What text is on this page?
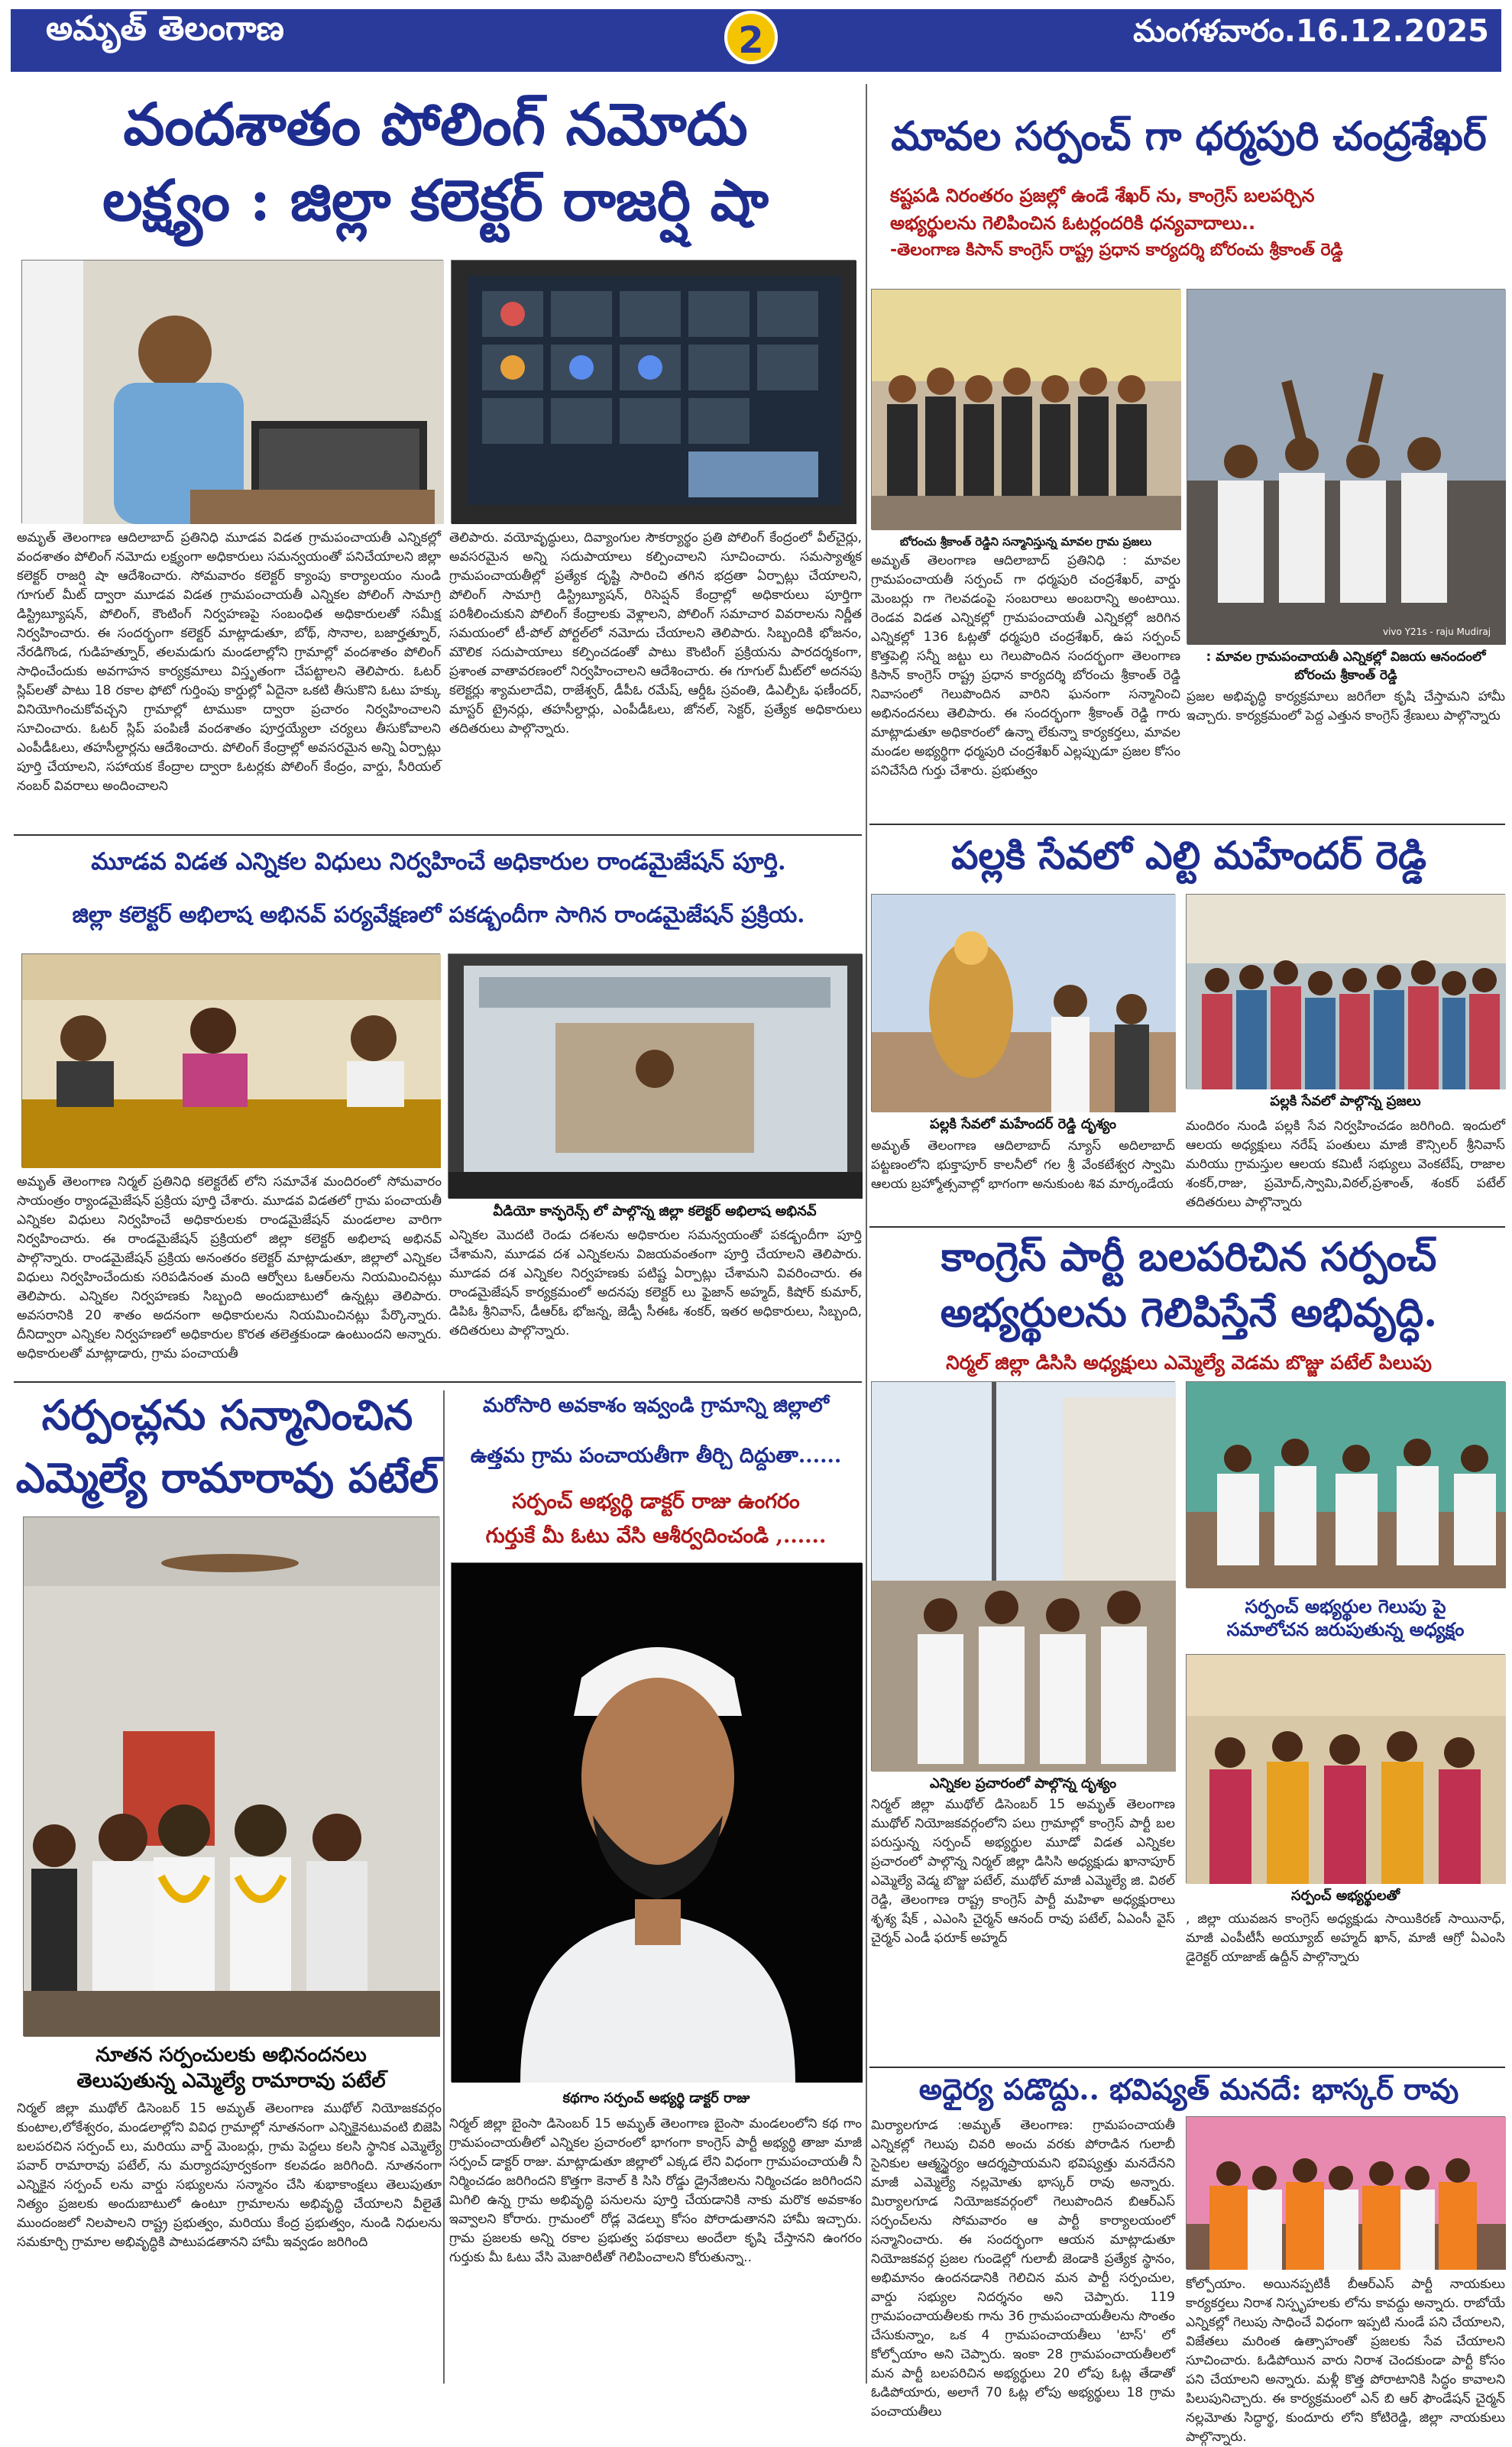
అమృత్ తెలంగాణ	2	మంగళవారం.16.12.2025
వందశాతం పోలింగ్ నమోదు
లక్ష్యం : జిల్లా కలెక్టర్ రాజర్షి షా
అమృత్ తెలంగాణ ఆదిలాబాద్ ప్రతినిధి మూడవ విడత గ్రామపంచాయతీ ఎన్నికల్లో వందశాతం పోలింగ్ నమోదు లక్ష్యంగా అధికారులు సమన్వయంతో పనిచేయాలని జిల్లా కలెక్టర్ రాజర్షి షా ఆదేశించారు. సోమవారం కలెక్టర్ క్యాంపు కార్యాలయం నుండి గూగుల్ మీట్ ద్వారా మూడవ విడత గ్రామపంచాయతీ ఎన్నికల పోలింగ్ సామాగ్రి డిస్ట్రిబ్యూషన్, పోలింగ్, కౌంటింగ్ నిర్వహణపై సంబంధిత అధికారులతో సమీక్ష నిర్వహించారు. ఈ సందర్భంగా కలెక్టర్ మాట్లాడుతూ, బోథ్, సొనాల, బజార్హత్నూర్, నేరడిగొండ, గుడిహత్నూర్, తలమడుగు మండలాల్లోని గ్రామాల్లో వందశాతం పోలింగ్ సాధించేందుకు అవగాహన కార్యక్రమాలు విస్తృతంగా చేపట్టాలని తెలిపారు. ఓటర్ స్లిప్‌లతో పాటు 18 రకాల ఫోటో గుర్తింపు కార్డుల్లో ఏదైనా ఒకటి తీసుకొని ఓటు హక్కు వినియోగించుకోవచ్చని గ్రామాల్లో టాముకా ద్వారా ప్రచారం నిర్వహించాలని సూచించారు. ఓటర్ స్లిప్ పంపిణీ వందశాతం పూర్తయ్యేలా చర్యలు తీసుకోవాలని ఎంపీడీఓలు, తహసీల్దార్లను ఆదేశించారు. పోలింగ్ కేంద్రాల్లో అవసరమైన అన్ని ఏర్పాట్లు పూర్తి చేయాలని, సహాయక కేంద్రాల ద్వారా ఓటర్లకు పోలింగ్ కేంద్రం, వార్డు, సీరియల్ నంబర్ వివరాలు అందించాలని
తెలిపారు. వయోవృద్ధులు, దివ్యాంగుల సౌకర్యార్థం ప్రతి పోలింగ్ కేంద్రంలో వీల్‌చైర్లు, అవసరమైన అన్ని సదుపాయాలు కల్పించాలని సూచించారు. సమస్యాత్మక గ్రామపంచాయతీల్లో ప్రత్యేక దృష్టి సారించి తగిన భద్రతా ఏర్పాట్లు చేయాలని, పోలింగ్ సామాగ్రి డిస్ట్రిబ్యూషన్, రిసెప్షన్ కేంద్రాల్లో అధికారులు పూర్తిగా పరిశీలించుకుని పోలింగ్ కేంద్రాలకు వెళ్లాలని, పోలింగ్ సమాచార వివరాలను నిర్ణీత సమయంలో టీ-పోల్ పోర్టల్‌లో నమోదు చేయాలని తెలిపారు. సిబ్బందికి భోజనం, మౌలిక సదుపాయాలు కల్పించడంతో పాటు కౌంటింగ్ ప్రక్రియను పారదర్శకంగా, ప్రశాంత వాతావరణంలో నిర్వహించాలని ఆదేశించారు. ఈ గూగుల్ మీట్‌లో అదనపు కలెక్టర్లు శ్యామలాదేవి, రాజేశ్వర్, డీపీఓ రమేష్, ఆర్డీఓ స్రవంతి, డిఎల్పీఓ ఫణీందర్, మాస్టర్ ట్రైనర్లు, తహసీల్దార్లు, ఎంపీడీఓలు, జోనల్, సెక్టర్, ప్రత్యేక అధికారులు తదితరులు పాల్గొన్నారు.
మూడవ విడత ఎన్నికల విధులు నిర్వహించే అధికారుల రాండమైజేషన్ పూర్తి.
జిల్లా కలెక్టర్ అభిలాష అభినవ్ పర్యవేక్షణలో పకడ్బందీగా సాగిన రాండమైజేషన్ ప్రక్రియ.
వీడియో కాన్ఫరెన్స్ లో పాల్గొన్న జిల్లా కలెక్టర్ అభిలాష అభినవ్
అమృత్ తెలంగాణ నిర్మల్ ప్రతినిధి కలెక్టరేట్ లోని సమావేశ మందిరంలో సోమవారం సాయంత్రం ర్యాండమైజేషన్ ప్రక్రియ పూర్తి చేశారు. మూడవ విడతలో గ్రామ పంచాయతీ ఎన్నికల విధులు నిర్వహించే అధికారులకు రాండమైజేషన్ మండలాల వారిగా నిర్వహించారు. ఈ రాండమైజేషన్ ప్రక్రియలో జిల్లా కలెక్టర్ అభిలాష అభినవ్ పాల్గొన్నారు. రాండమైజేషన్ ప్రక్రియ అనంతరం కలెక్టర్ మాట్లాడుతూ, జిల్లాలో ఎన్నికల విధులు నిర్వహించేందుకు సరిపడినంత మంది ఆర్వోలు ఓఆర్‌లను నియమించినట్లు తెలిపారు. ఎన్నికల నిర్వహణకు సిబ్బంది అందుబాటులో ఉన్నట్లు తెలిపారు. అవసరానికి 20 శాతం అదనంగా అధికారులను నియమించినట్లు పేర్కొన్నారు. దీనిద్వారా ఎన్నికల నిర్వహణలో అధికారుల కొరత తలెత్తకుండా ఉంటుందని అన్నారు. అధికారులతో మాట్లాడారు, గ్రామ పంచాయతీ
ఎన్నికల మొదటి రెండు దశలను అధికారుల సమన్వయంతో పకడ్బందీగా పూర్తి చేశామని, మూడవ దశ ఎన్నికలను విజయవంతంగా పూర్తి చేయాలని తెలిపారు. మూడవ దశ ఎన్నికల నిర్వహణకు పటిష్ట ఏర్పాట్లు చేశామని వివరించారు. ఈ రాండమైజేషన్ కార్యక్రమంలో అదనపు కలెక్టర్ లు ఫైజాన్ అహ్మద్, కిషోర్ కుమార్, డిపిఓ శ్రీనివాస్, డీఆర్ఓ భోజన్న, జెడ్పీ సీఈఓ శంకర్, ఇతర అధికారులు, సిబ్బంది, తదితరులు పాల్గొన్నారు.
సర్పంచ్లను సన్మానించిన
ఎమ్మెల్యే రామారావు పటేల్
నూతన సర్పంచులకు అభినందనలు
తెలుపుతున్న ఎమ్మెల్యే రామారావు పటేల్
నిర్మల్ జిల్లా ముథోల్ డిసెంబర్ 15 అమృత్ తెలంగాణ ముథోల్ నియోజకవర్గం కుంటాల,లోకేశ్వరం, మండలాల్లోని వివిధ గ్రామాల్లో నూతనంగా ఎన్నికైనటువంటి బిజెపి బలపరచిన సర్పంచ్ లు, మరియు వార్డ్ మెంబర్లు, గ్రామ పెద్దలు కలసి స్థానిక ఎమ్మెల్యే పవార్ రామారావు పటేల్, ను మర్యాదపూర్వకంగా కలవడం జరిగింది. నూతనంగా ఎన్నికైన సర్పంచ్ లను వార్డు సభ్యులను సన్మానం చేసి శుభాకాంక్షలు తెలుపుతూ నిత్యం ప్రజలకు అందుబాటులో ఉంటూ గ్రామాలను అభివృద్ధి చేయాలని వీలైతే ముందంజలో నిలపాలని రాష్ట్ర ప్రభుత్వం, మరియు కేంద్ర ప్రభుత్వం, నుండి నిధులను సమకూర్చి గ్రామాల అభివృద్ధికి పాటుపడతానని హామీ ఇవ్వడం జరిగింది
మరోసారి అవకాశం ఇవ్వండి గ్రామాన్ని జిల్లాలో
ఉత్తమ గ్రామ పంచాయతీగా తీర్చి దిద్దుతా......
సర్పంచ్ అభ్యర్థి డాక్టర్ రాజు ఉంగరం
గుర్తుకే మీ ఓటు వేసి ఆశీర్వదించండి ,......
కథగాం సర్పంచ్ అభ్యర్థి డాక్టర్ రాజు
నిర్మల్ జిల్లా బైంసా డిసెంబర్ 15 అమృత్ తెలంగాణ బైంసా మండలంలోని కథ గాం గ్రామపంచాయతీలో ఎన్నికల ప్రచారంలో భాగంగా కాంగ్రెస్ పార్టీ అభ్యర్థి తాజా మాజీ సర్పంచ్ డాక్టర్ రాజు. మాట్లాడుతూ జిల్లాలో ఎక్కడ లేని విధంగా గ్రామపంచాయతీ నీ నిర్మించడం జరిగిందని కొత్తగా కెనాల్ కి సిసి రోడ్డు డ్రైనేజిలను నిర్మించడం జరిగిందని మిగిలి ఉన్న గ్రామ అభివృద్ధి పనులను పూర్తి చేయడానికి నాకు మరొక అవకాశం ఇవ్వాలని కోరారు. గ్రామంలో రోడ్ల వెడల్పు కోసం పోరాడుతానని హామీ ఇచ్చారు. గ్రామ ప్రజలకు అన్ని రకాల ప్రభుత్వ పథకాలు అందేలా కృషి చేస్తానని ఉంగరం గుర్తుకు మీ ఓటు వేసి మెజారిటీతో గెలిపించాలని కోరుతున్నా..
మావల సర్పంచ్ గా ధర్మపురి చంద్రశేఖర్
కష్టపడి నిరంతరం ప్రజల్లో ఉండే శేఖర్ ను, కాంగ్రెస్ బలపర్చిన
అభ్యర్థులను గెలిపించిన ఓటర్లందరికి ధన్యవాదాలు..
-తెలంగాణ కిసాన్ కాంగ్రెస్ రాష్ట్ర ప్రధాన కార్యదర్శి బోరంచు శ్రీకాంత్ రెడ్డి
బోరంచు శ్రీకాంత్ రెడ్డిని సన్మానిస్తున్న మావల గ్రామ ప్రజలు
vivo Y21s - raju Mudiraj
: మావల గ్రామపంచాయతీ ఎన్నికల్లో విజయ ఆనందంలో బోరంచు శ్రీకాంత్ రెడ్డి
అమృత్ తెలంగాణ ఆదిలాబాద్ ప్రతినిధి : మావల గ్రామపంచాయతీ సర్పంచ్ గా ధర్మపురి చంద్రశేఖర్, వార్డు మెంబర్లు గా గెలవడంపై సంబరాలు అంబరాన్ని అంటాయి. రెండవ విడత ఎన్నికల్లో గ్రామపంచాయతీ ఎన్నికల్లో జరిగిన ఎన్నికల్లో 136 ఓట్లతో ధర్మపురి చంద్రశేఖర్, ఉప సర్పంచ్ కొత్తపెల్లి సన్నీ జట్టు లు గెలుపొందిన సందర్భంగా తెలంగాణ కిసాన్ కాంగ్రెస్ రాష్ట్ర ప్రధాన కార్యదర్శి బోరంచు శ్రీకాంత్ రెడ్డి నివాసంలో గెలుపొందిన వారిని ఘనంగా సన్మానించి అభినందనలు తెలిపారు. ఈ సందర్భంగా శ్రీకాంత్ రెడ్డి గారు మాట్లాడుతూ అధికారంలో ఉన్నా లేకున్నా కార్యకర్తలు, మావల మండల అభ్యర్థిగా ధర్మపురి చంద్రశేఖర్ ఎల్లప్పుడూ ప్రజల కోసం పనిచేసేది గుర్తు చేశారు. ప్రభుత్వం
ప్రజల అభివృద్ధి కార్యక్రమాలు జరిగేలా కృషి చేస్తామని హామీ ఇచ్చారు. కార్యక్రమంలో పెద్ద ఎత్తున కాంగ్రెస్ శ్రేణులు పాల్గొన్నారు
పల్లకి సేవలో ఎల్టి మహేందర్ రెడ్డి
పల్లకి సేవలో మహేందర్ రెడ్డి దృశ్యం
పల్లకి సేవలో పాల్గొన్న ప్రజలు
అమృత్ తెలంగాణ ఆదిలాబాద్ న్యూస్ అదిలాబాద్ పట్టణంలోని భుక్తాపూర్ కాలనీలో గల శ్రీ వేంకటేశ్వర స్వామి ఆలయ బ్రహ్మోత్సవాల్లో భాగంగా అనుకుంట శివ మార్కండేయ
మందిరం నుండి పల్లకి సేవ నిర్వహించడం జరిగింది. ఇందులో ఆలయ అధ్యక్షులు నరేష్ పంతులు మాజీ కౌన్సిలర్ శ్రీనివాస్ మరియు గ్రామస్తుల ఆలయ కమిటీ సభ్యులు వెంకటేష్, రాజాల శంకర్,రాజు, ప్రమోద్,స్వామి,విఠల్,ప్రశాంత్, శంకర్ పటేల్ తదితరులు పాల్గొన్నారు
కాంగ్రెస్ పార్టీ బలపరిచిన సర్పంచ్
అభ్యర్థులను గెలిపిస్తేనే అభివృద్ధి.
నిర్మల్ జిల్లా డిసిసి అధ్యక్షులు ఎమ్మెల్యే వెడమ బొజ్జు పటేల్ పిలుపు
ఎన్నికల ప్రచారంలో పాల్గొన్న దృశ్యం
సర్పంచ్ అభ్యర్థుల గెలుపు పై
సమాలోచన జరుపుతున్న అధ్యక్షం
సర్పంచ్ అభ్యర్థులతో
నిర్మల్ జిల్లా ముథోల్ డిసెంబర్ 15 అమృత్ తెలంగాణ ముథోల్ నియోజకవర్గంలోని పలు గ్రామాల్లో కాంగ్రెస్ పార్టీ బల పరుస్తున్న సర్పంచ్ అభ్యర్థుల మూడో విడత ఎన్నికల ప్రచారంలో పాల్గొన్న నిర్మల్ జిల్లా డిసిసి అధ్యక్షుడు ఖానాపూర్ ఎమ్మెల్యే వెడ్మ బొజ్జు పటేల్, ముథోల్ మాజీ ఎమ్మెల్యే జి. విఠల్ రెడ్డి, తెలంగాణ రాష్ట్ర కాంగ్రెస్ పార్టీ మహిళా అధ్యక్షురాలు శృశ్య షేక్ , ఎఎంసి చైర్మన్ ఆనంద్ రావు పటేల్, ఏఎంసీ వైస్ చైర్మన్ ఎండీ ఫరూక్ అహ్మద్
, జిల్లా యువజన కాంగ్రెస్ అధ్యక్షుడు సాయికిరణ్ సాయినాధ్, మాజీ ఎంపీటీసీ అయ్యూబ్ అహ్మద్ ఖాన్, మాజీ ఆగ్రో ఏఎంసి డైరెక్టర్ యాజాజ్ ఉద్దీన్ పాల్గొన్నారు
అధైర్య పడొద్దు.. భవిష్యత్ మనదే: భాస్కర్ రావు
మిర్యాలగూడ :అమృత్ తెలంగాణ: గ్రామపంచాయతీ ఎన్నికల్లో గెలుపు చివరి అంచు వరకు పోరాడిన గులాబీ సైనికుల ఆత్మస్థైర్యం ఆదర్శప్రాయమని భవిష్యత్తు మనదేనని మాజీ ఎమ్మెల్యే నల్లమోతు భాస్కర్ రావు అన్నారు. మిర్యాలగూడ నియోజకవర్గంలో గెలుపొందిన బిఆర్ఎస్ సర్పంచ్‌లను సోమవారం ఆ పార్టీ కార్యాలయంలో సన్మానించారు. ఈ సందర్భంగా ఆయన మాట్లాడుతూ నియోజకవర్గ ప్రజల గుండెల్లో గులాబీ జెండాకి ప్రత్యేక స్థానం, అభిమానం ఉందనడానికి గెలిచిన మన పార్టీ సర్పంచుల, వార్డు సభ్యుల నిదర్శనం అని చెప్పారు. 119 గ్రామపంచాయతీలకు గాను 36 గ్రామపంచాయతీలను సొంతం చేసుకున్నాం, ఒక 4 గ్రామపంచాయతీలు 'టాస్' లో కోల్పోయాం అని చెప్పారు. ఇంకా 28 గ్రామపంచాయతీలలో మన పార్టీ బలపరిచిన అభ్యర్థులు 20 లోపు ఓట్ల తేడాతో ఓడిపోయారు, అలాగే 70 ఓట్ల లోపు అభ్యర్థులు 18 గ్రామ పంచాయతీలు
కోల్పోయాం. అయినప్పటికీ బీఆర్ఎస్ పార్టీ నాయకులు కార్యకర్తలు నిరాశ నిస్పృహలకు లోను కావద్దు అన్నారు. రాబోయే ఎన్నికల్లో గెలుపు సాధించే విధంగా ఇప్పటి నుండే పని చేయాలని, విజేతలు మరింత ఉత్సాహంతో ప్రజలకు సేవ చేయాలని సూచించారు. ఓడిపోయిన వారు నిరాశ చెందకుండా పార్టీ కోసం పని చేయాలని అన్నారు. మళ్లీ కొత్త పోరాటానికి సిద్ధం కావాలని పిలుపునిచ్చారు. ఈ కార్యక్రమంలో ఎన్ బి ఆర్ ఫౌండేషన్ చైర్మన్ నల్లమోతు సిద్ధార్థ, కుందూరు లోని కోటిరెడ్డి, జిల్లా నాయకులు పాల్గొన్నారు.
